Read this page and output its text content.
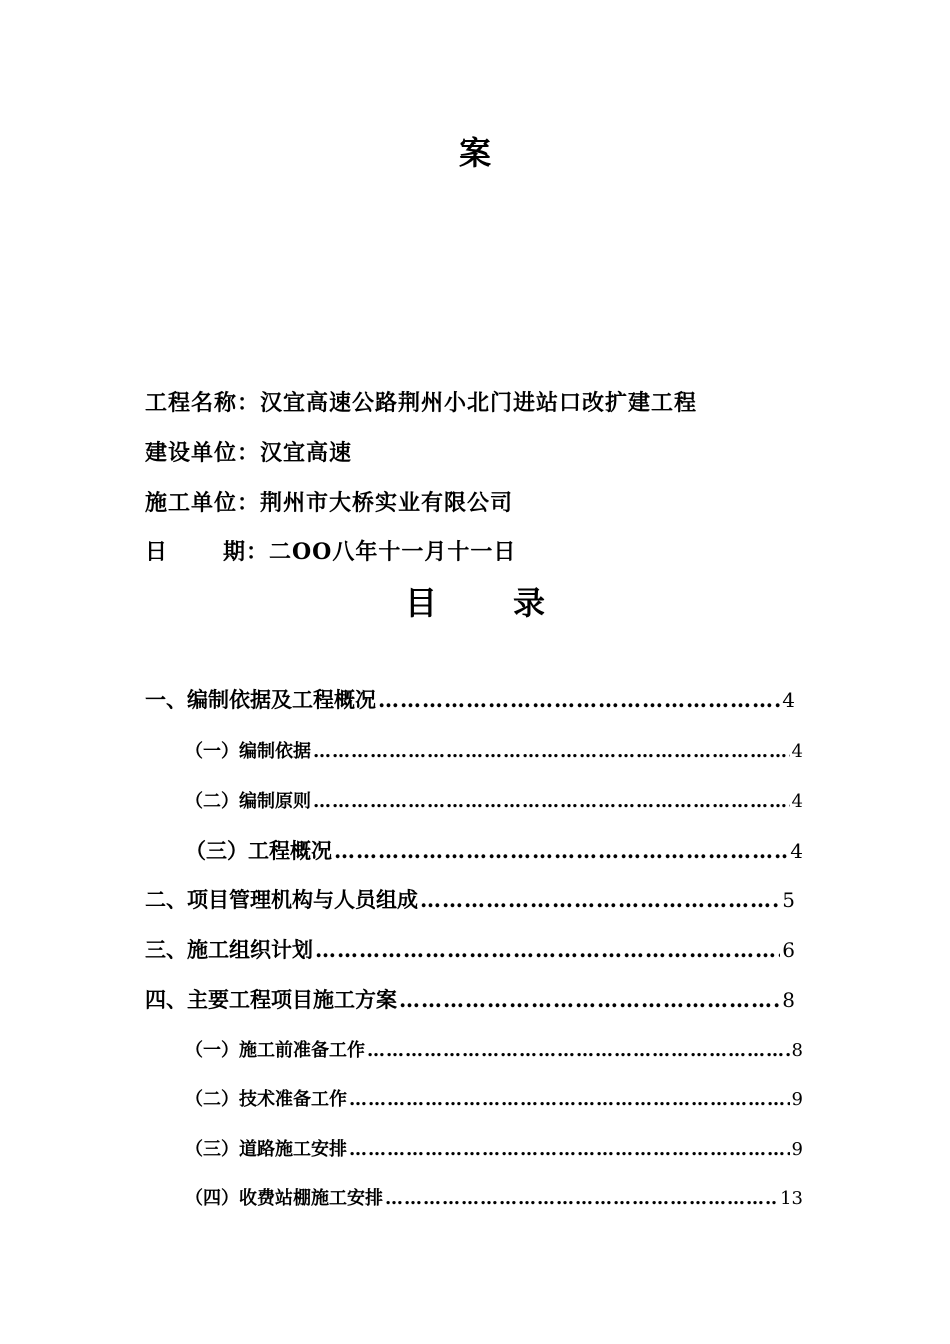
案
工程名称：汉宜高速公路荆州小北门进站口改扩建工程
建设单位：汉宜高速
施工单位：荆州市大桥实业有限公司
日 期： 二OO八年十一月十一日
目 录
一、编制依据及工程概况 …………………………………………………………………………………………………………	4
（一）编制依据 …………………………………………………………………………………………………………	4
（二）编制原则 …………………………………………………………………………………………………………	4
（三）工程概况 …………………………………………………………………………………………………………	4
二、项目管理机构与人员组成 …………………………………………………………………………………………………………	5
三、施工组织计划 …………………………………………………………………………………………………………	6
四、主要工程项目施工方案 …………………………………………………………………………………………………………	8
（一）施工前准备工作 …………………………………………………………………………………………………………	8
（二）技术准备工作 …………………………………………………………………………………………………………	9
（三）道路施工安排 …………………………………………………………………………………………………………	9
（四）收费站棚施工安排 …………………………………………………………………………………………………………	13
